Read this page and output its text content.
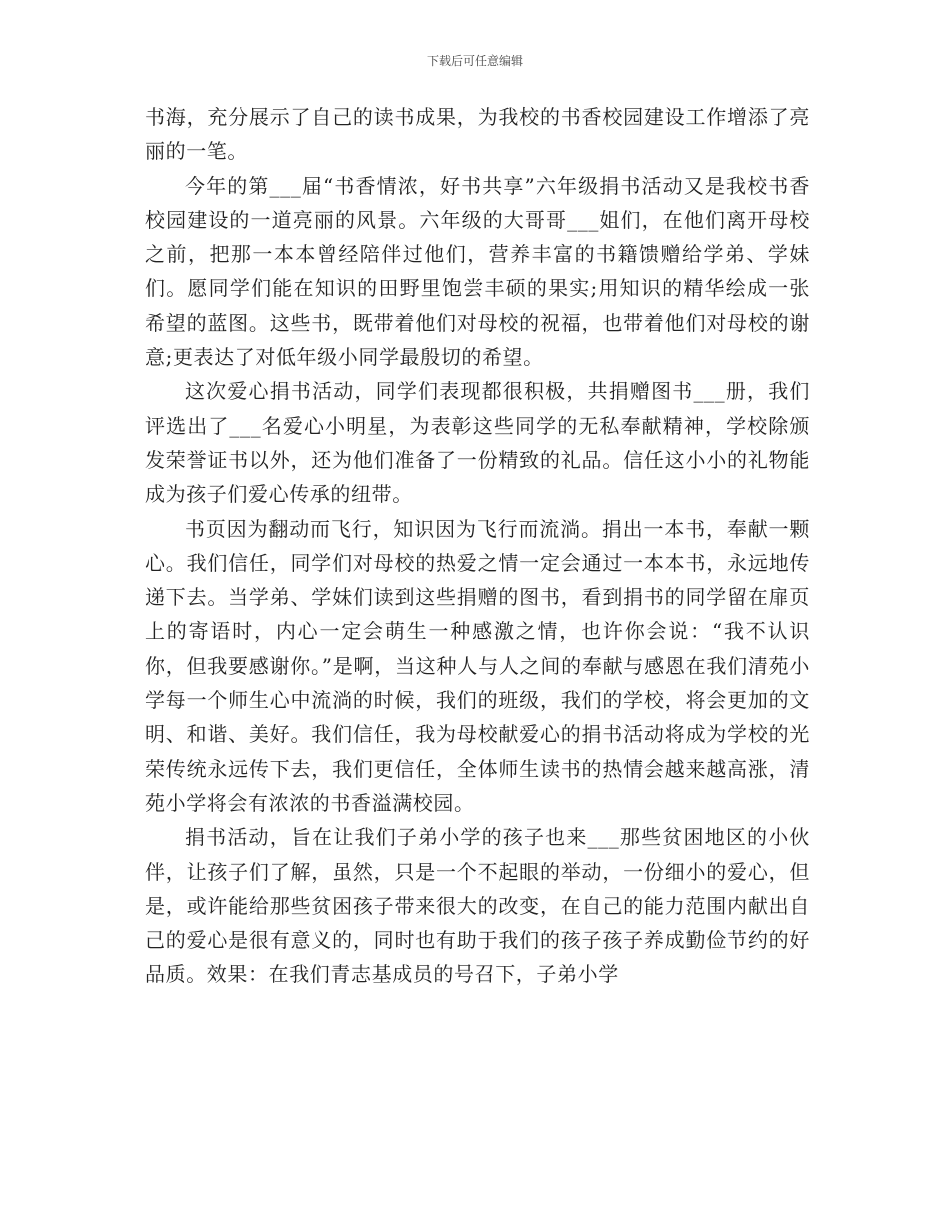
下载后可任意编辑

书海，充分展示了自己的读书成果，为我校的书香校园建设工作增添了亮丽的一笔。

今年的第___届“书香情浓，好书共享”六年级捐书活动又是我校书香校园建设的一道亮丽的风景。六年级的大哥哥___姐们，在他们离开母校之前，把那一本本曾经陪伴过他们，营养丰富的书籍馈赠给学弟、学妹们。愿同学们能在知识的田野里饱尝丰硕的果实;用知识的精华绘成一张希望的蓝图。这些书，既带着他们对母校的祝福，也带着他们对母校的谢意;更表达了对低年级小同学最殷切的希望。

这次爱心捐书活动，同学们表现都很积极，共捐赠图书___册，我们评选出了___名爱心小明星，为表彰这些同学的无私奉献精神，学校除颁发荣誉证书以外，还为他们准备了一份精致的礼品。信任这小小的礼物能成为孩子们爱心传承的纽带。

书页因为翻动而飞行，知识因为飞行而流淌。捐出一本书，奉献一颗心。我们信任，同学们对母校的热爱之情一定会通过一本本书，永远地传递下去。当学弟、学妹们读到这些捐赠的图书，看到捐书的同学留在扉页上的寄语时，内心一定会萌生一种感激之情，也许你会说：“我不认识你，但我要感谢你。”是啊，当这种人与人之间的奉献与感恩在我们清苑小学每一个师生心中流淌的时候，我们的班级，我们的学校，将会更加的文明、和谐、美好。我们信任，我为母校献爱心的捐书活动将成为学校的光荣传统永远传下去，我们更信任，全体师生读书的热情会越来越高涨，清苑小学将会有浓浓的书香溢满校园。

捐书活动，旨在让我们子弟小学的孩子也来___那些贫困地区的小伙伴，让孩子们了解，虽然，只是一个不起眼的举动，一份细小的爱心，但是，或许能给那些贫困孩子带来很大的改变，在自己的能力范围内献出自己的爱心是很有意义的，同时也有助于我们的孩子孩子养成勤俭节约的好品质。效果：在我们青志基成员的号召下，子弟小学
